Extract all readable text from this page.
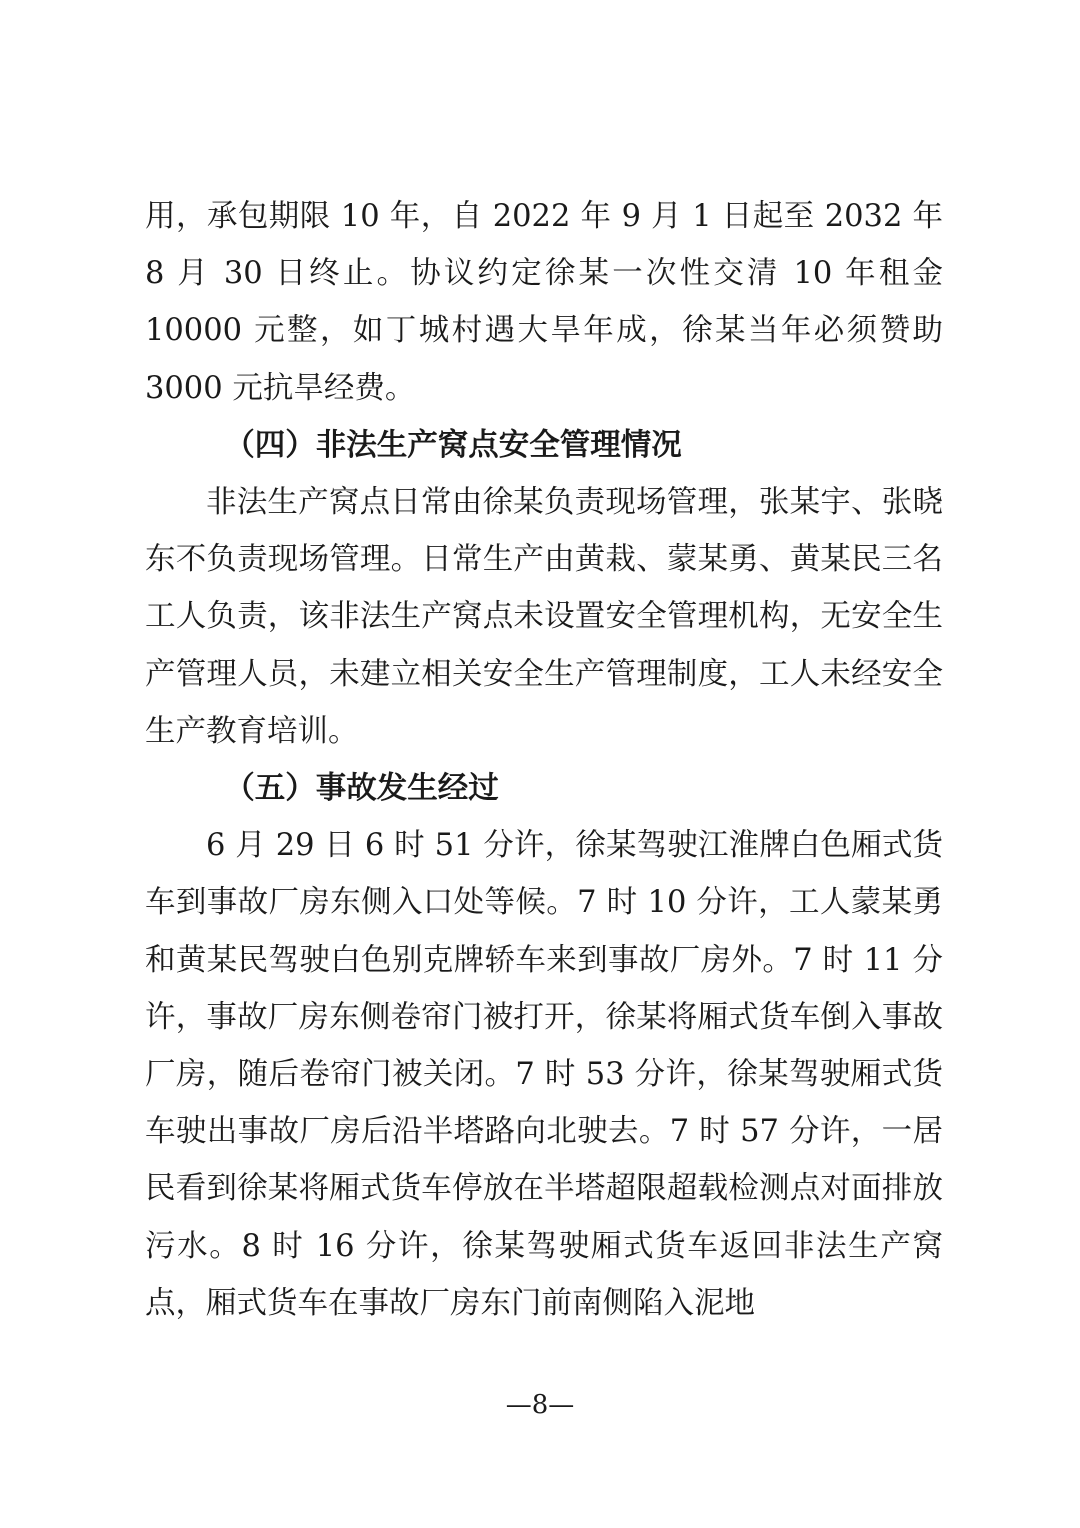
用，承包期限 10 年，自 2022 年 9 月 1 日起至 2032 年 8 月 30 日终止。协议约定徐某一次性交清 10 年租金 10000 元整，如丁城村遇大旱年成，徐某当年必须赞助 3000 元抗旱经费。

（四）非法生产窝点安全管理情况

非法生产窝点日常由徐某负责现场管理，张某宇、张晓东不负责现场管理。日常生产由黄栽、蒙某勇、黄某民三名工人负责，该非法生产窝点未设置安全管理机构，无安全生产管理人员，未建立相关安全生产管理制度，工人未经安全生产教育培训。

（五）事故发生经过

6 月 29 日 6 时 51 分许，徐某驾驶江淮牌白色厢式货车到事故厂房东侧入口处等候。7 时 10 分许，工人蒙某勇和黄某民驾驶白色别克牌轿车来到事故厂房外。7 时 11 分许，事故厂房东侧卷帘门被打开，徐某将厢式货车倒入事故厂房，随后卷帘门被关闭。7 时 53 分许，徐某驾驶厢式货车驶出事故厂房后沿半塔路向北驶去。7 时 57 分许，一居民看到徐某将厢式货车停放在半塔超限超载检测点对面排放污水。8 时 16 分许，徐某驾驶厢式货车返回非法生产窝点，厢式货车在事故厂房东门前南侧陷入泥地

—8—
